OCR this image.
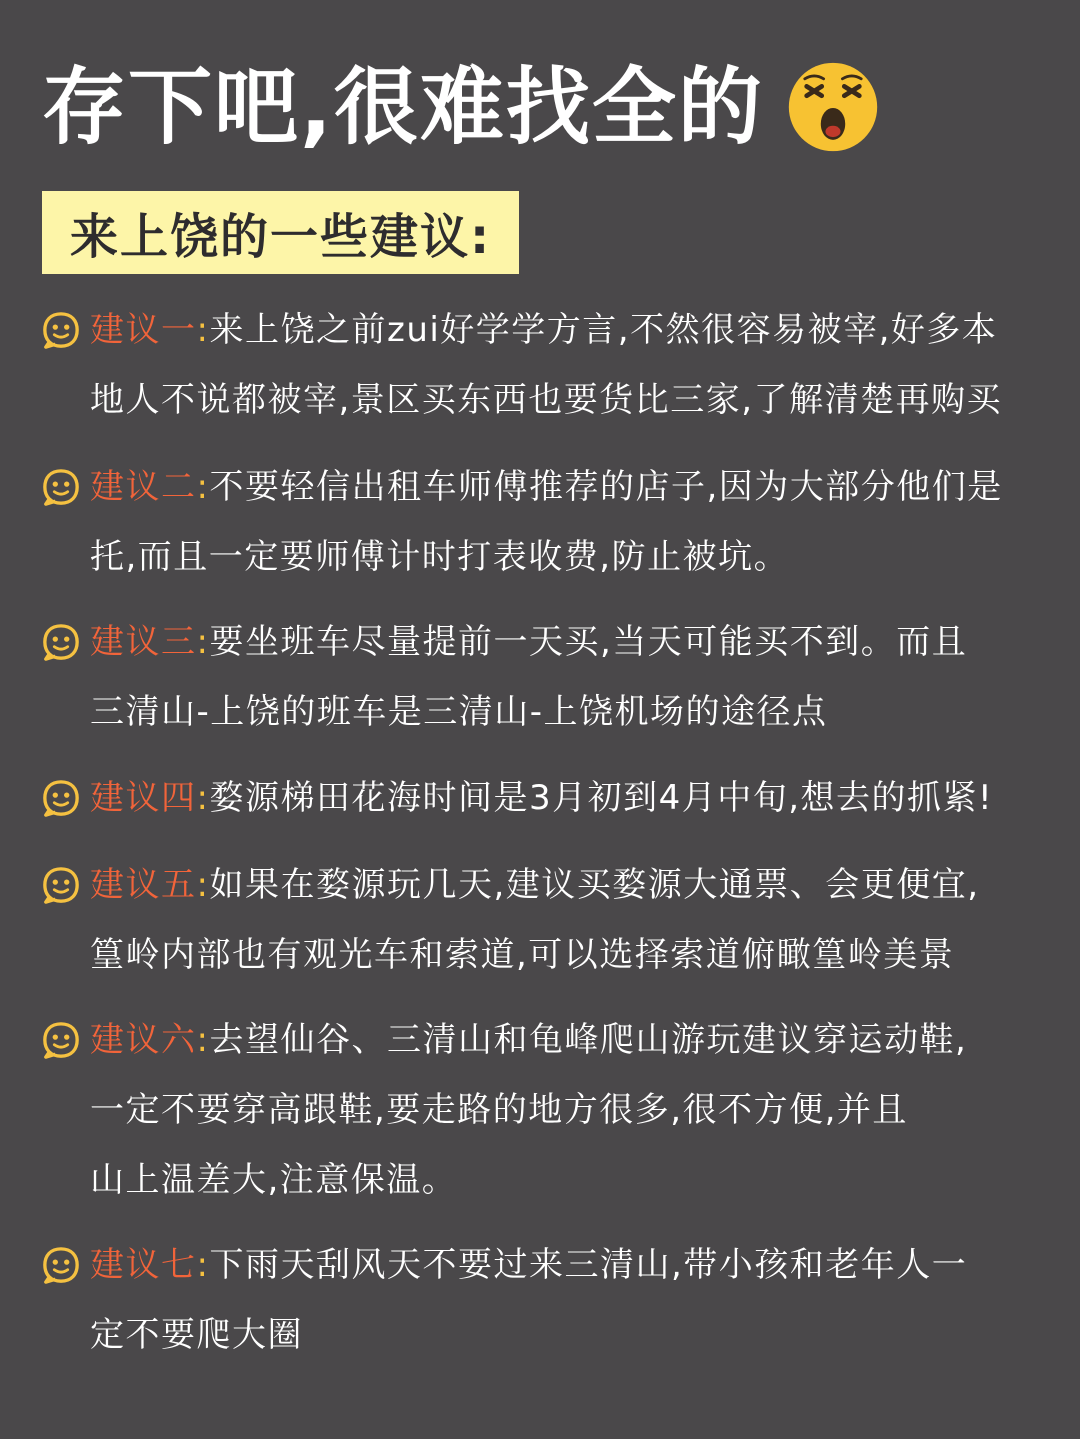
存下吧,很难找全的
来上饶的一些建议:
建议一:来上饶之前zui好学学方言,不然很容易被宰,好多本
地人不说都被宰,景区买东西也要货比三家,了解清楚再购买
建议二:不要轻信出租车师傅推荐的店子,因为大部分他们是
托,而且一定要师傅计时打表收费,防止被坑。
建议三:要坐班车尽量提前一天买,当天可能买不到。而且
三清山-上饶的班车是三清山-上饶机场的途径点
建议四:婺源梯田花海时间是3月初到4月中旬,想去的抓紧!
建议五:如果在婺源玩几天,建议买婺源大通票、会更便宜,
篁岭内部也有观光车和索道,可以选择索道俯瞰篁岭美景
建议六:去望仙谷、三清山和龟峰爬山游玩建议穿运动鞋,
一定不要穿高跟鞋,要走路的地方很多,很不方便,并且
山上温差大,注意保温。
建议七:下雨天刮风天不要过来三清山,带小孩和老年人一
定不要爬大圈
